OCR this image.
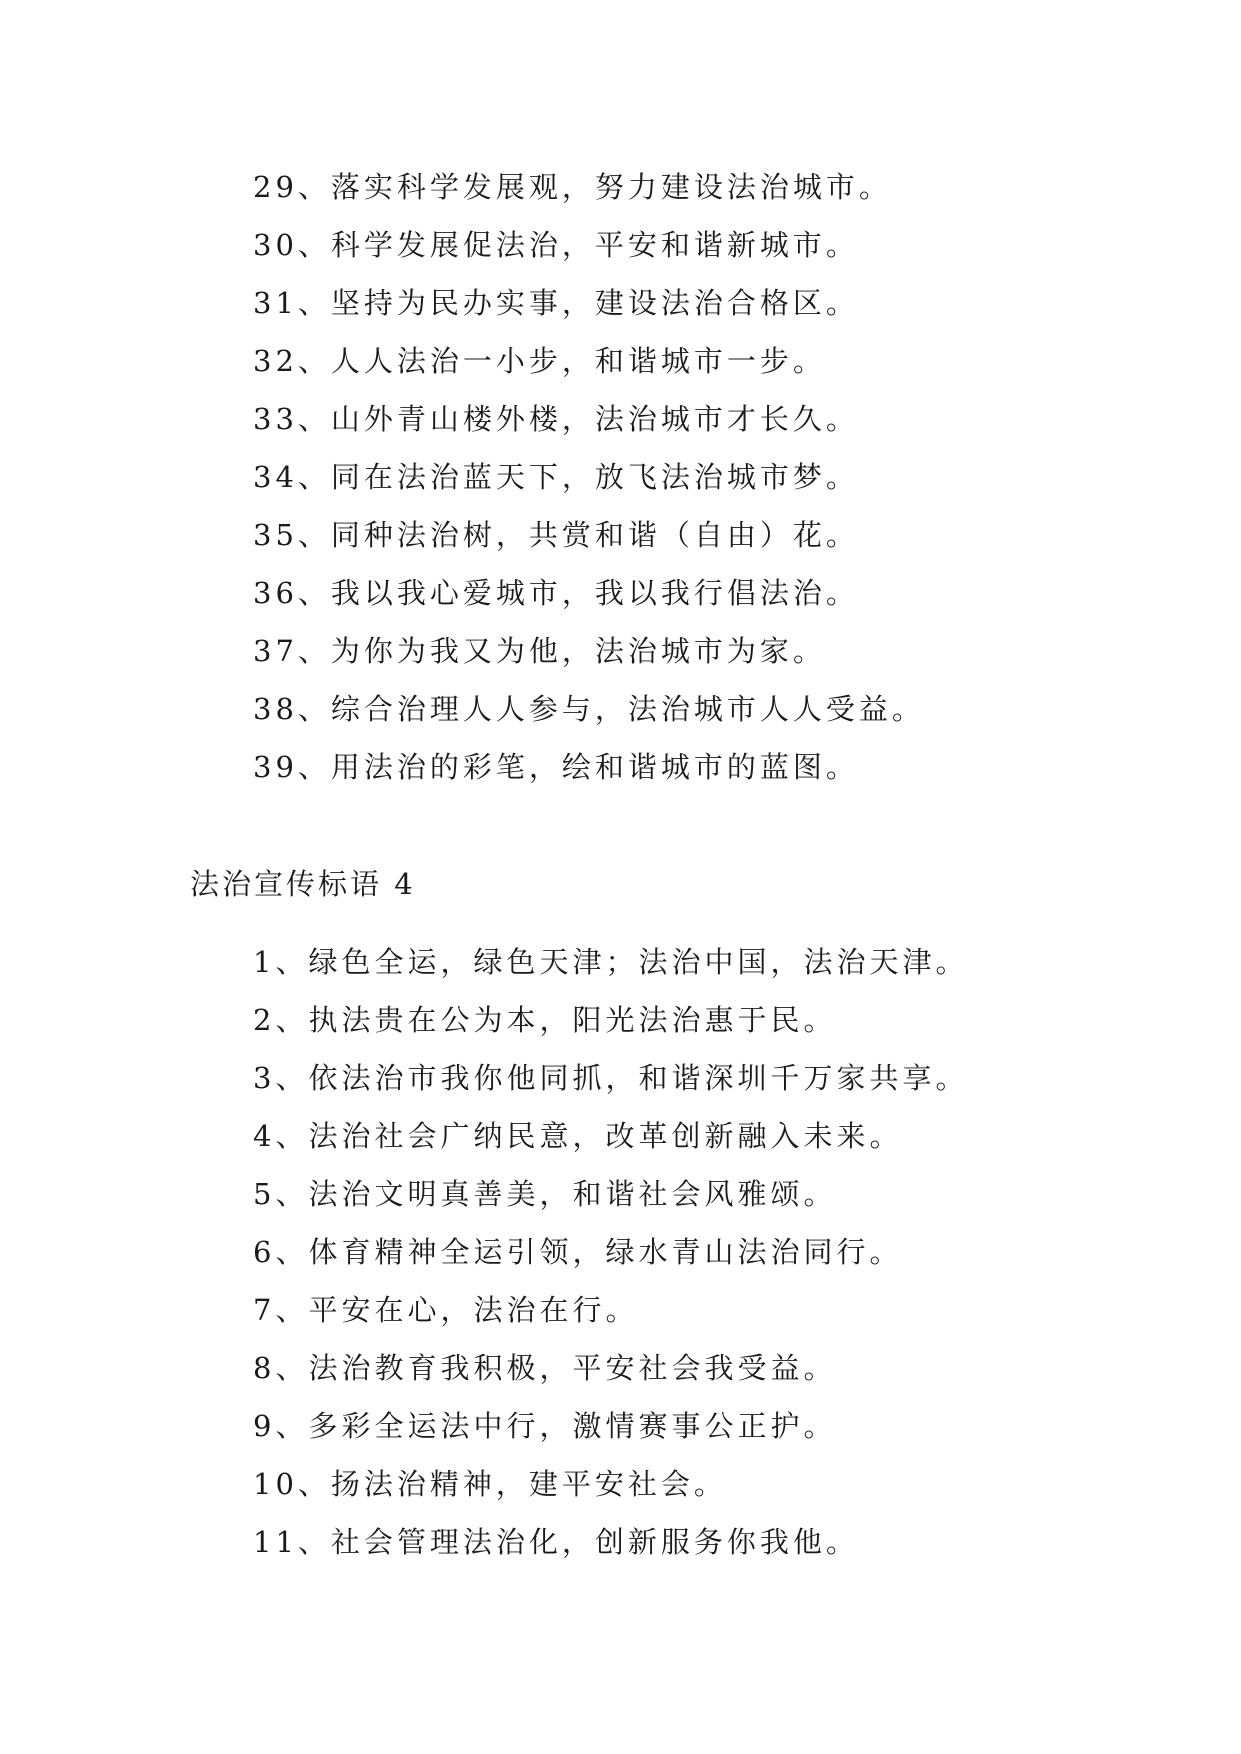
29、落实科学发展观，努力建设法治城市。
30、科学发展促法治，平安和谐新城市。
31、坚持为民办实事，建设法治合格区。
32、人人法治一小步，和谐城市一步。
33、山外青山楼外楼，法治城市才长久。
34、同在法治蓝天下，放飞法治城市梦。
35、同种法治树，共赏和谐（自由）花。
36、我以我心爱城市，我以我行倡法治。
37、为你为我又为他，法治城市为家。
38、综合治理人人参与，法治城市人人受益。
39、用法治的彩笔，绘和谐城市的蓝图。
法治宣传标语 4
1、绿色全运，绿色天津；法治中国，法治天津。
2、执法贵在公为本，阳光法治惠于民。
3、依法治市我你他同抓，和谐深圳千万家共享。
4、法治社会广纳民意，改革创新融入未来。
5、法治文明真善美，和谐社会风雅颂。
6、体育精神全运引领，绿水青山法治同行。
7、平安在心，法治在行。
8、法治教育我积极，平安社会我受益。
9、多彩全运法中行，激情赛事公正护。
10、扬法治精神，建平安社会。
11、社会管理法治化，创新服务你我他。
